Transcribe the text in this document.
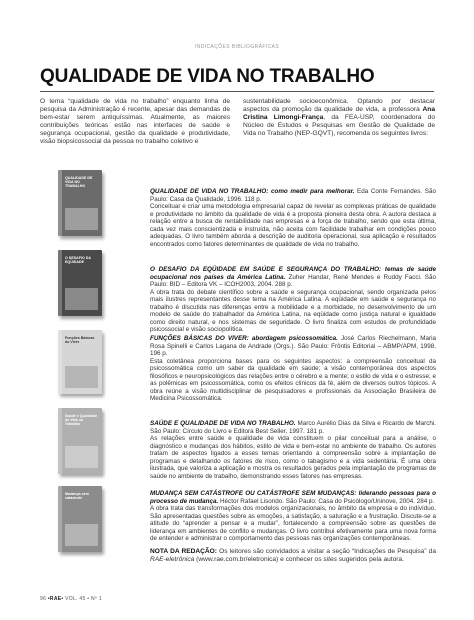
INDICAÇÕES BIBLIOGRÁFICAS
QUALIDADE DE VIDA NO TRABALHO
O tema “qualidade de vida no trabalho” enquanto linha de pesquisa da Administração é recente, apesar das demandas de bem-estar serem antiquíssimas. Atualmente, as maiores contribuições teóricas estão nas interfaces de saúde e segurança ocupacional, gestão da qualidade e produtividade, visão biopsicossocial da pessoa no trabalho coletivo e
sustentabilidade socioeconômica. Optando por destacar aspectos da promoção da qualidade de vida, a professora Ana Cristina Limongi-França, da FEA-USP, coordenadora do Núcleo de Estudos e Pesquisas em Gestão de Qualidade de Vida no Trabalho (NEP-GQVT), recomenda os seguintes livros:
QUALIDADE DE VIDA NO TRABALHO
QUALIDADE DE VIDA NO TRABALHO: como medir para melhorar. Eda Conte Fernandes. São Paulo: Casa da Qualidade, 1996. 118 p.
Conceituar e criar uma metodologia empresarial capaz de revelar as complexas práticas de qualidade e produtividade no âmbito da qualidade de vida é a proposta pioneira desta obra. A autora destaca a relação entre a busca de rentabilidade nas empresas e a força de trabalho, sendo que esta última, cada vez mais conscientizada e instruída, não aceita com facilidade trabalhar em condições pouco adequadas. O livro também aborda a descrição de auditoria operacional, sua aplicação e resultados encontrados como fatores determinantes de qualidade de vida no trabalho.
O DESAFIO DA EQÜIDADE
O DESAFIO DA EQÜIDADE EM SAÚDE E SEGURANÇA DO TRABALHO: temas de saúde ocupacional nos países da América Latina. Zuher Handar, René Mendes e Ruddy Facci. São Paulo: BID – Editora VK – ICOH2003, 2004. 288 p.
A obra trata do debate científico sobre a saúde e segurança ocupacional, sendo organizada pelos mais ilustres representantes desse tema na América Latina. A eqüidade em saúde e segurança no trabalho é discutida nas diferenças entre a mobilidade e a morbidade, no desenvolvimento de um modelo de saúde do trabalhador da América Latina, na eqüidade como justiça natural e igualdade como direito natural, e nos sistemas de seguridade. O livro finaliza com estudos de profundidade psicossocial e visão sociopolítica.
Funções Básicas do Viver
FUNÇÕES BÁSICAS DO VIVER: abordagem psicossomática. José Carlos Riechelmann, Maria Rosa Spinelli e Carlos Lagana de Andrade (Orgs.). São Paulo: Frôntis Editorial – ABMP/APM, 1998. 196 p.
Esta coletânea proporciona bases para os seguintes aspectos: a compreensão conceitual da psicossomática como um saber da qualidade em saúde; a visão contemporânea dos aspectos filosóficos e neuropsicológicos das relações entre o cérebro e a mente; o estilo de vida e o estresse; e as polêmicas em psicossomática, como os efeitos clínicos da fé, além de diversos outros tópicos. A obra reúne a visão multidisciplinar de pesquisadores e profissionais da Associação Brasileira de Medicina Psicossomática.
Saúde e Qualidade de Vida no Trabalho	SAÚDE E QUALIDADE DE VIDA NO TRABALHO. Marco Aurélio Dias da Silva e Ricardo de Marchi. São Paulo: Círculo do Livro e Editora Best Seller, 1997. 181 p.
As relações entre saúde e qualidade de vida constituem o pilar conceitual para a análise, o diagnóstico e mudanças dos hábitos, estilo de vida e bem-estar no ambiente de trabalho. Os autores tratam de aspectos ligados a esses temas orientando a compreensão sobre a implantação de programas e detalhando os fatores de risco, como o tabagismo e a vida sedentária. É uma obra ilustrada, que valoriza a aplicação e mostra os resultados gerados pela implantação de programas de saúde no ambiente de trabalho, demonstrando esses fatores nas empresas.
Mudança sem catástrofe
MUDANÇA SEM CATÁSTROFE OU CATÁSTROFE SEM MUDANÇAS: liderando pessoas para o processo de mudança. Héctor Rafael Lisondo. São Paulo: Casa do Psicólogo/Uninove, 2004. 284 p.
A obra trata das transformações dos modelos organizacionais, no âmbito da empresa e do indivíduo. São apresentadas questões sobre as emoções, a satisfação, a saturação e a frustração. Discute-se a atitude do “aprender a pensar e a mudar”, fortalecendo a compreensão sobre as questões de liderança em ambientes de conflito e mudanças. O livro contribui efetivamente para uma nova forma de entender e administrar o comportamento das pessoas nas organizações contemporâneas.
NOTA DA REDAÇÃO: Os leitores são convidados a visitar a seção “Indicações de Pesquisa” da RAE-eletrônica (www.rae.com.br/eletronica) e conhecer os sites sugeridos pela autora.
96 •RAE• VOL. 45 • Nº 1
